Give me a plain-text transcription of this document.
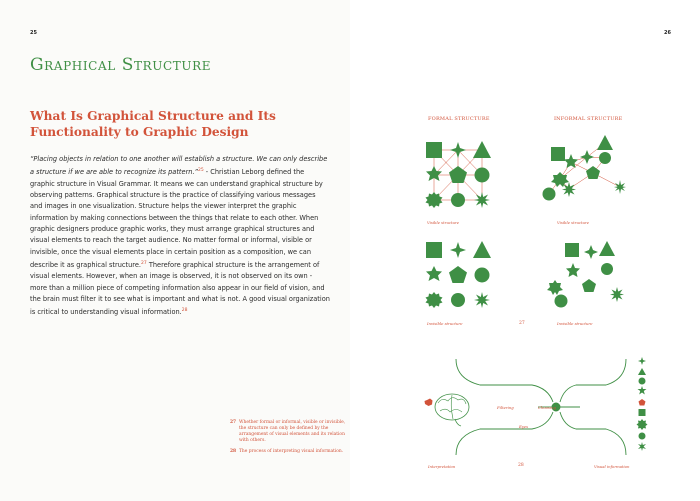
25
Graphical Structure
What Is Graphical Structure and Its Functionality to Graphic Design

“Placing objects in relation to one another will establish a structure. We can only describe a structure if we are able to recognize its pattern.”$^{25}$ - Christian Leborg defined the graphic structure in Visual Grammar. It means we can understand graphical structure by observing patterns. Graphical structure is the practice of classifying various messages and images in one visualization. Structure helps the viewer interpret the graphic information by making connections between the things that relate to each other. When graphic designers produce graphic works, they must arrange graphical structures and visual elements to reach the target audience. No matter formal or informal, visible or invisible, once the visual elements place in certain position as a composition, we can describe it as graphical structure.$^{27}$ Therefore graphical structure is the arrangement of visual elements. However, when an image is observed, it is not observed on its own - more than a million piece of competing information also appear in our field of vision, and the brain must filter it to see what is important and what is not. A good visual organization is critical to understanding visual information.$^{28}$

27 Whether formal or informal, visible or invisible, the structure can only be defined by the arrangement of visual elements and its relation with others.
28 The process of interpreting visual information.
26
FORMAL STRUCTURE	INFORMAL STRUCTURE
Visible structure	Visible structure
Invisible structure	27	Invisible structure
Filtering	Choosing
Eyes
Interpretation	28	Visual information
